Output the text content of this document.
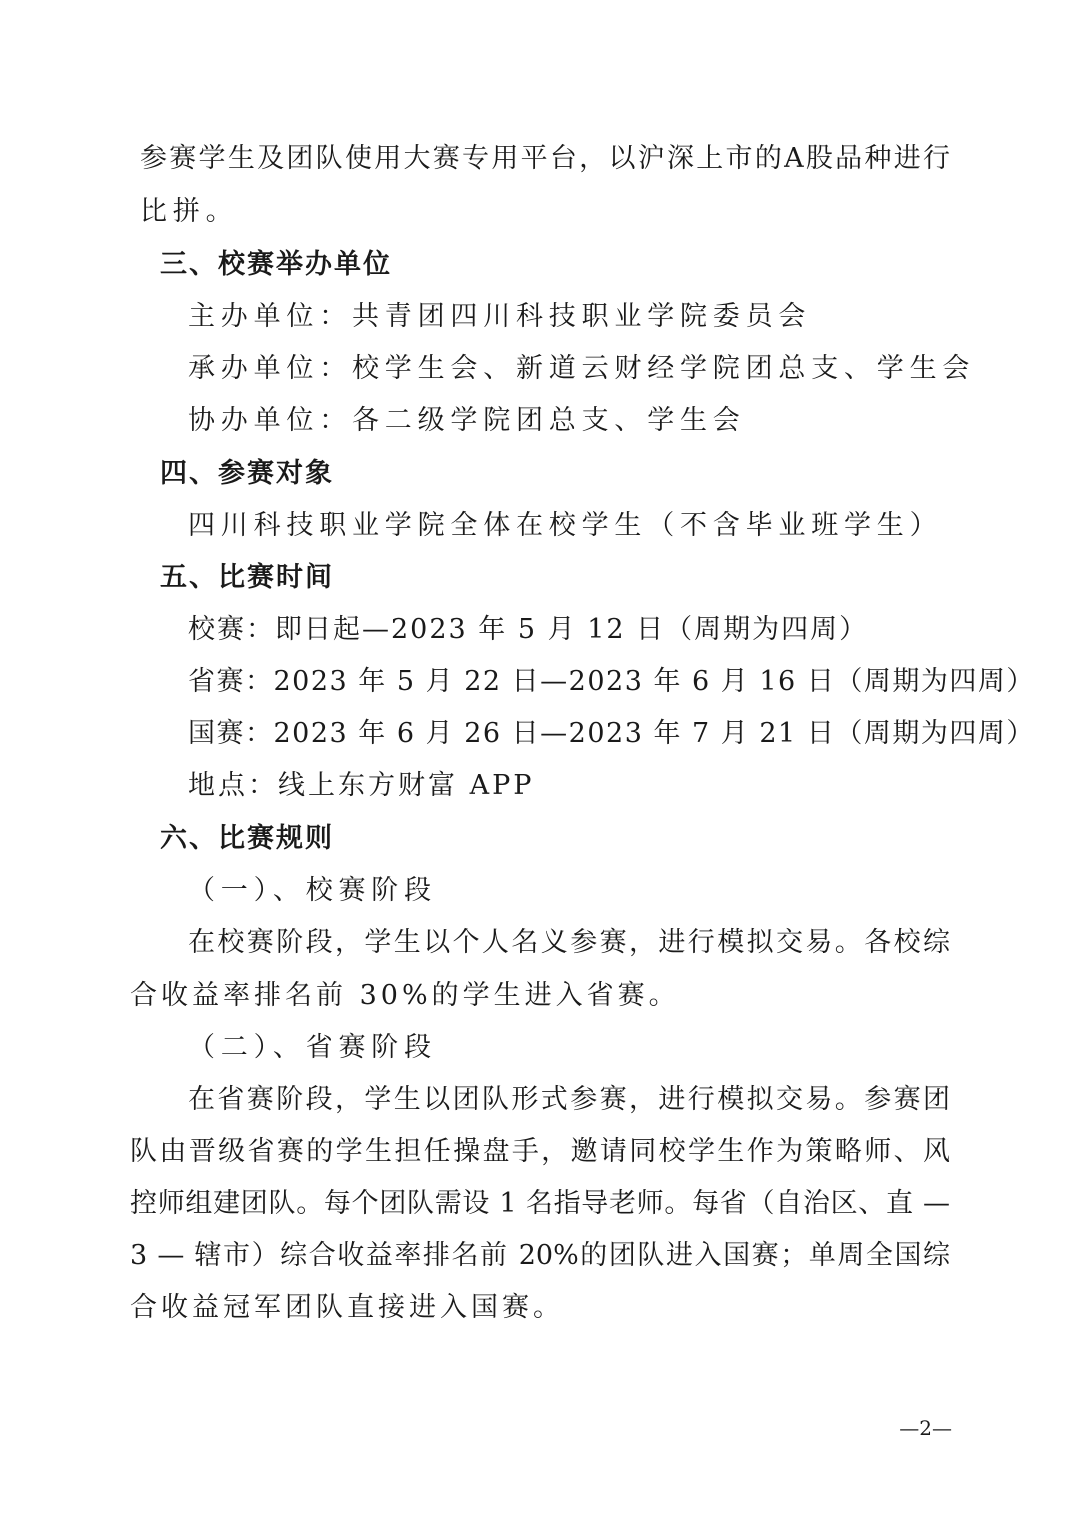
参赛学生及团队使用大赛专用平台，以沪深上市的A股品种进行
比拼。
三、校赛举办单位
主办单位：共青团四川科技职业学院委员会
承办单位：校学生会、新道云财经学院团总支、学生会
协办单位：各二级学院团总支、学生会
四、参赛对象
四川科技职业学院全体在校学生（不含毕业班学生）
五、比赛时间
校赛：即日起—2023 年 5 月 12 日（周期为四周）
省赛：2023 年 5 月 22 日—2023 年 6 月 16 日（周期为四周）
国赛：2023 年 6 月 26 日—2023 年 7 月 21 日（周期为四周）
地点：线上东方财富 APP
六、比赛规则
（一）、校赛阶段
在校赛阶段，学生以个人名义参赛，进行模拟交易。各校综
合收益率排名前 30%的学生进入省赛。
（二）、省赛阶段
在省赛阶段，学生以团队形式参赛，进行模拟交易。参赛团
队由晋级省赛的学生担任操盘手，邀请同校学生作为策略师、风
控师组建团队。每个团队需设 1 名指导老师。每省（自治区、直 —
3 — 辖市）综合收益率排名前 20%的团队进入国赛；单周全国综
合收益冠军团队直接进入国赛。
—2—
